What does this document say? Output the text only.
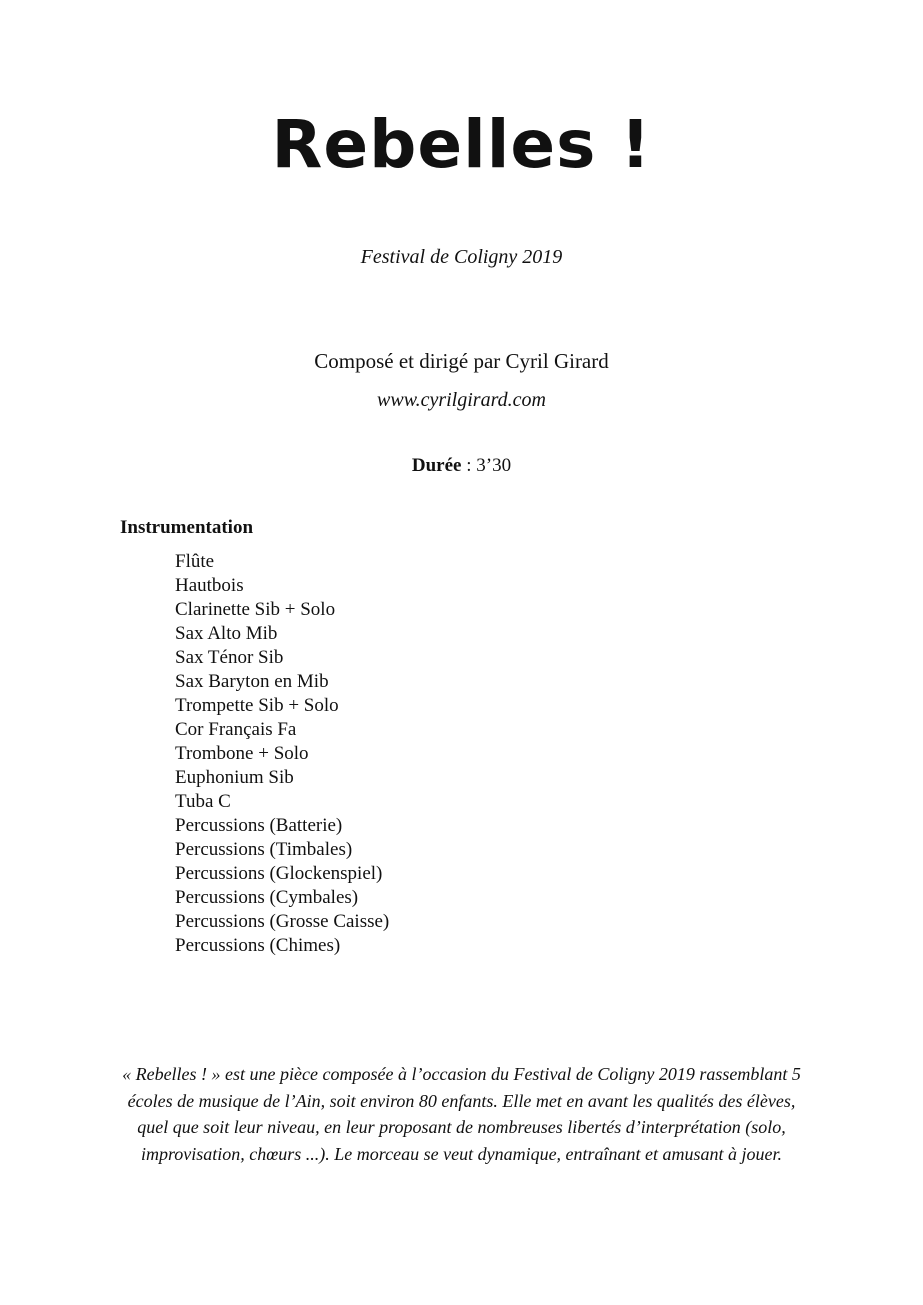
Rebelles !
Festival de Coligny 2019
Composé et dirigé par Cyril Girard
www.cyrilgirard.com
Durée : 3’30
Instrumentation
Flûte
Hautbois
Clarinette Sib + Solo
Sax Alto Mib
Sax Ténor Sib
Sax Baryton en Mib
Trompette Sib + Solo
Cor Français Fa
Trombone + Solo
Euphonium Sib
Tuba C
Percussions (Batterie)
Percussions (Timbales)
Percussions (Glockenspiel)
Percussions (Cymbales)
Percussions (Grosse Caisse)
Percussions (Chimes)

« Rebelles ! » est une pièce composée à l’occasion du Festival de Coligny 2019 rassemblant 5 écoles de musique de l’Ain, soit environ 80 enfants. Elle met en avant les qualités des élèves, quel que soit leur niveau, en leur proposant de nombreuses libertés d’interprétation (solo, improvisation, chœurs ...). Le morceau se veut dynamique, entraînant et amusant à jouer.
